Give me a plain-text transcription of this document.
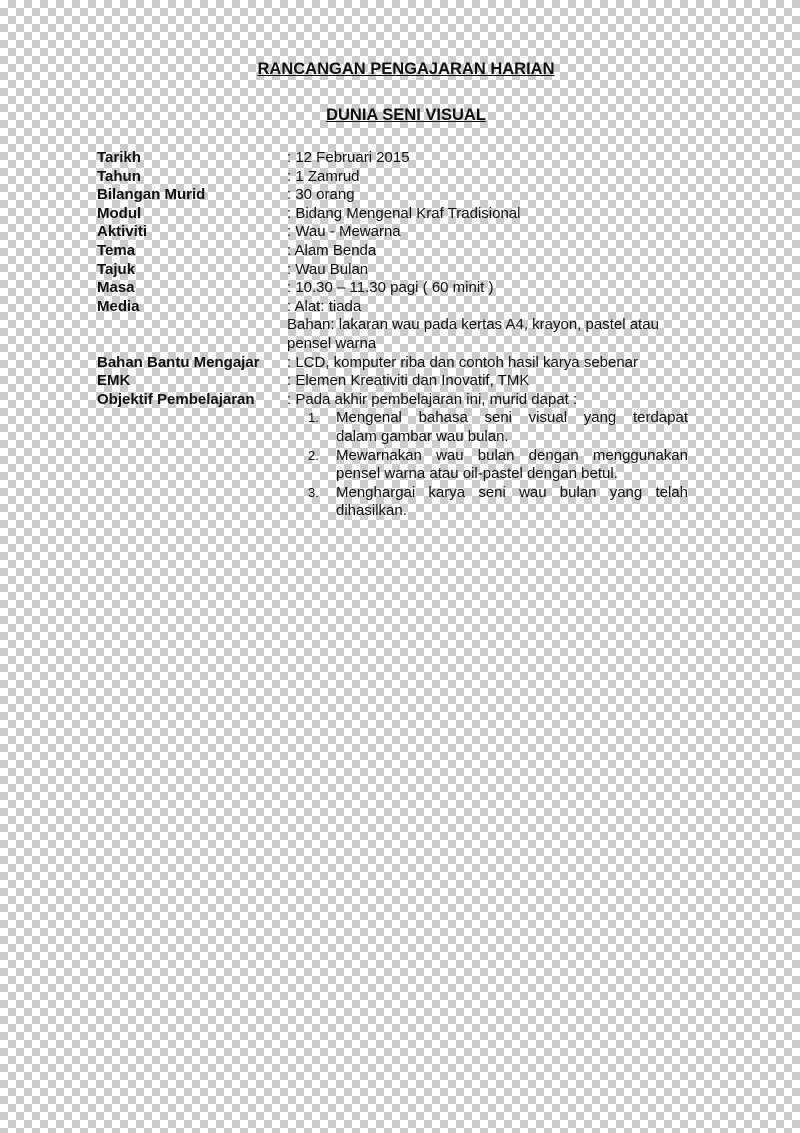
RANCANGAN PENGAJARAN HARIAN
DUNIA SENI VISUAL
Tarikh	: 12 Februari 2015
Tahun	: 1 Zamrud
Bilangan Murid	: 30 orang
Modul	: Bidang Mengenal Kraf Tradisional
Aktiviti	: Wau - Mewarna
Tema	: Alam Benda
Tajuk	: Wau Bulan
Masa	: 10.30 – 11.30 pagi ( 60 minit )
Media	: Alat: tiada
Bahan: lakaran wau pada kertas A4, krayon, pastel atau
pensel warna
Bahan Bantu Mengajar : LCD, komputer riba dan contoh hasil karya sebenar
EMK	: Elemen Kreativiti dan Inovatif, TMK
Objektif Pembelajaran : Pada akhir pembelajaran ini, murid dapat :
1. Mengenal bahasa seni visual yang terdapat
dalam gambar wau bulan.
2. Mewarnakan wau bulan dengan menggunakan
pensel warna atau oil-pastel dengan betul.
3. Menghargai karya seni wau bulan yang telah
dihasilkan.
